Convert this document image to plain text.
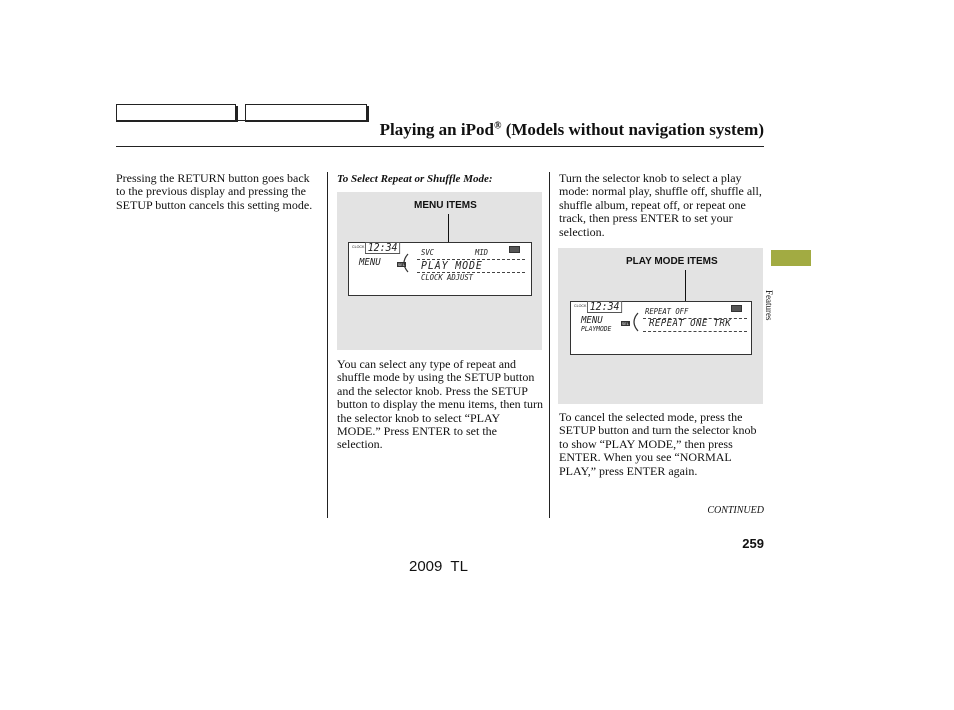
Playing an iPod® (Models without navigation system)

Pressing the RETURN button goes back to the previous display and pressing the SETUP button cancels this setting mode.

To Select Repeat or Shuffle Mode:
MENU ITEMS
CLOCK 12:34
MENU	SEL
SVC	MID
PLAY MODE
CLOCK ADJUST

You can select any type of repeat and shuffle mode by using the SETUP button and the selector knob. Press the SETUP button to display the menu items, then turn the selector knob to select “PLAY MODE.” Press ENTER to set the selection.

Turn the selector knob to select a play mode: normal play, shuffle off, shuffle all, shuffle album, repeat off, or repeat one track, then press ENTER to set your selection.

PLAY MODE ITEMS
CLOCK 12:34
MENU
PLAYMODE
SEL
REPEAT OFF
REPEAT ONE TRK

To cancel the selected mode, press the SETUP button and turn the selector knob to show “PLAY MODE,” then press ENTER. When you see “NORMAL PLAY,” press ENTER again.

Features
CONTINUED
259
2009  TL
